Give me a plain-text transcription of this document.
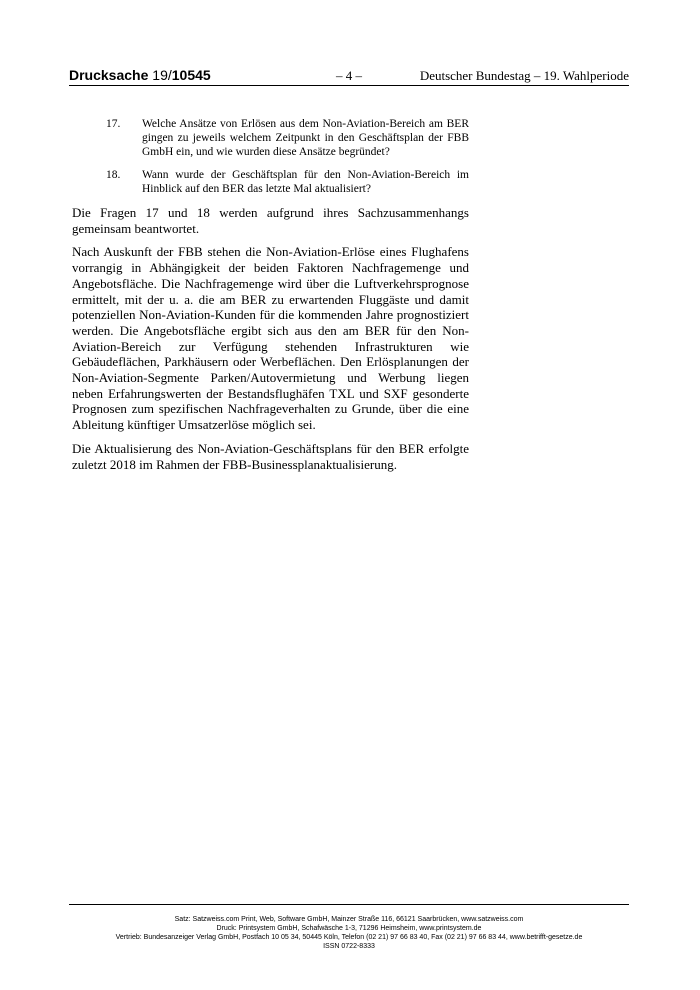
Drucksache 19/10545	– 4 –	Deutscher Bundestag – 19. Wahlperiode
17.	Welche Ansätze von Erlösen aus dem Non-Aviation-Bereich am BER gingen zu jeweils welchem Zeitpunkt in den Geschäftsplan der FBB GmbH ein, und wie wurden diese Ansätze begründet?
18.	Wann wurde der Geschäftsplan für den Non-Aviation-Bereich im Hinblick auf den BER das letzte Mal aktualisiert?

Die Fragen 17 und 18 werden aufgrund ihres Sachzusammenhangs gemeinsam beantwortet.

Nach Auskunft der FBB stehen die Non-Aviation-Erlöse eines Flughafens vorrangig in Abhängigkeit der beiden Faktoren Nachfragemenge und Angebotsfläche. Die Nachfragemenge wird über die Luftverkehrsprognose ermittelt, mit der u. a. die am BER zu erwartenden Fluggäste und damit potenziellen Non-Aviation-Kunden für die kommenden Jahre prognostiziert werden. Die Angebotsfläche ergibt sich aus den am BER für den Non-Aviation-Bereich zur Verfügung stehenden Infrastrukturen wie Gebäudeflächen, Parkhäusern oder Werbeflächen. Den Erlösplanungen der Non-Aviation-Segmente Parken/Autovermietung und Werbung liegen neben Erfahrungswerten der Bestandsflughäfen TXL und SXF gesonderte Prognosen zum spezifischen Nachfrageverhalten zu Grunde, über die eine Ableitung künftiger Umsatzerlöse möglich sei.

Die Aktualisierung des Non-Aviation-Geschäftsplans für den BER erfolgte zuletzt 2018 im Rahmen der FBB-Businessplanaktualisierung.

Satz: Satzweiss.com Print, Web, Software GmbH, Mainzer Straße 116, 66121 Saarbrücken, www.satzweiss.com
Druck: Printsystem GmbH, Schafwäsche 1-3, 71296 Heimsheim, www.printsystem.de
Vertrieb: Bundesanzeiger Verlag GmbH, Postfach 10 05 34, 50445 Köln, Telefon (02 21) 97 66 83 40, Fax (02 21) 97 66 83 44, www.betrifft-gesetze.de
ISSN 0722-8333
